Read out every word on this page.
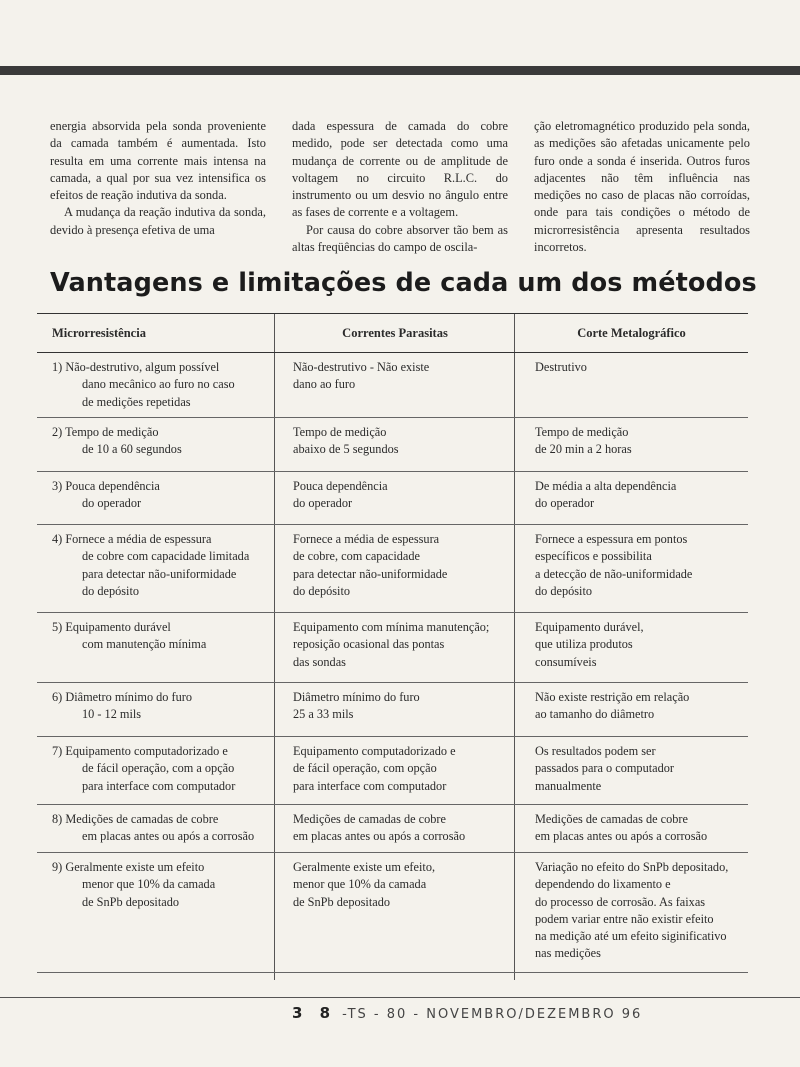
energia absorvida pela sonda proveniente da camada também é aumentada. Isto resulta em uma corrente mais intensa na camada, a qual por sua vez intensifica os efeitos de reação indutiva da sonda.

A mudança da reação indutiva da sonda, devido à presença efetiva de uma

dada espessura de camada do cobre medido, pode ser detectada como uma mudança de corrente ou de amplitude de voltagem no circuito R.L.C. do instrumento ou um desvio no ângulo entre as fases de corrente e a voltagem.

Por causa do cobre absorver tão bem as altas freqüências do campo de oscila-

ção eletromagnético produzido pela sonda, as medições são afetadas unicamente pelo furo onde a sonda é inserida. Outros furos adjacentes não têm influência nas medições no caso de placas não corroídas, onde para tais condições o método de microrresistência apresenta resultados incorretos.

Vantagens e limitações de cada um dos métodos
Microrresistência	Correntes Parasitas	Corte Metalográfico
1) Não-destrutivo, algum possível
dano mecânico ao furo no caso
de medições repetidas
Não-destrutivo - Não existe
dano ao furo
Destrutivo
2) Tempo de medição
de 10 a 60 segundos
Tempo de medição
abaixo de 5 segundos
Tempo de medição
de 20 min a 2 horas
3) Pouca dependência
do operador
Pouca dependência
do operador
De média a alta dependência
do operador
4) Fornece a média de espessura
de cobre com capacidade limitada
para detectar não-uniformidade
do depósito
Fornece a média de espessura
de cobre, com capacidade
para detectar não-uniformidade
do depósito
Fornece a espessura em pontos
específicos e possibilita
a detecção de não-uniformidade
do depósito
5) Equipamento durável
com manutenção mínima
Equipamento com mínima manutenção;
reposição ocasional das pontas
das sondas
Equipamento durável,
que utiliza produtos
consumíveis
6) Diâmetro mínimo do furo
10 - 12 mils
Diâmetro mínimo do furo
25 a 33 mils
Não existe restrição em relação
ao tamanho do diâmetro
7) Equipamento computadorizado e
de fácil operação, com a opção
para interface com computador
Equipamento computadorizado e
de fácil operação, com opção
para interface com computador
Os resultados podem ser
passados para o computador
manualmente
8) Medições de camadas de cobre
em placas antes ou após a corrosão
Medições de camadas de cobre
em placas antes ou após a corrosão
Medições de camadas de cobre
em placas antes ou após a corrosão
9) Geralmente existe um efeito
menor que 10% da camada
de SnPb depositado
Geralmente existe um efeito,
menor que 10% da camada
de SnPb depositado
Variação no efeito do SnPb depositado,
dependendo do lixamento e
do processo de corrosão. As faixas
podem variar entre não existir efeito
na medição até um efeito siginificativo
nas medições
3 8 -TS - 80 - NOVEMBRO/DEZEMBRO 96
